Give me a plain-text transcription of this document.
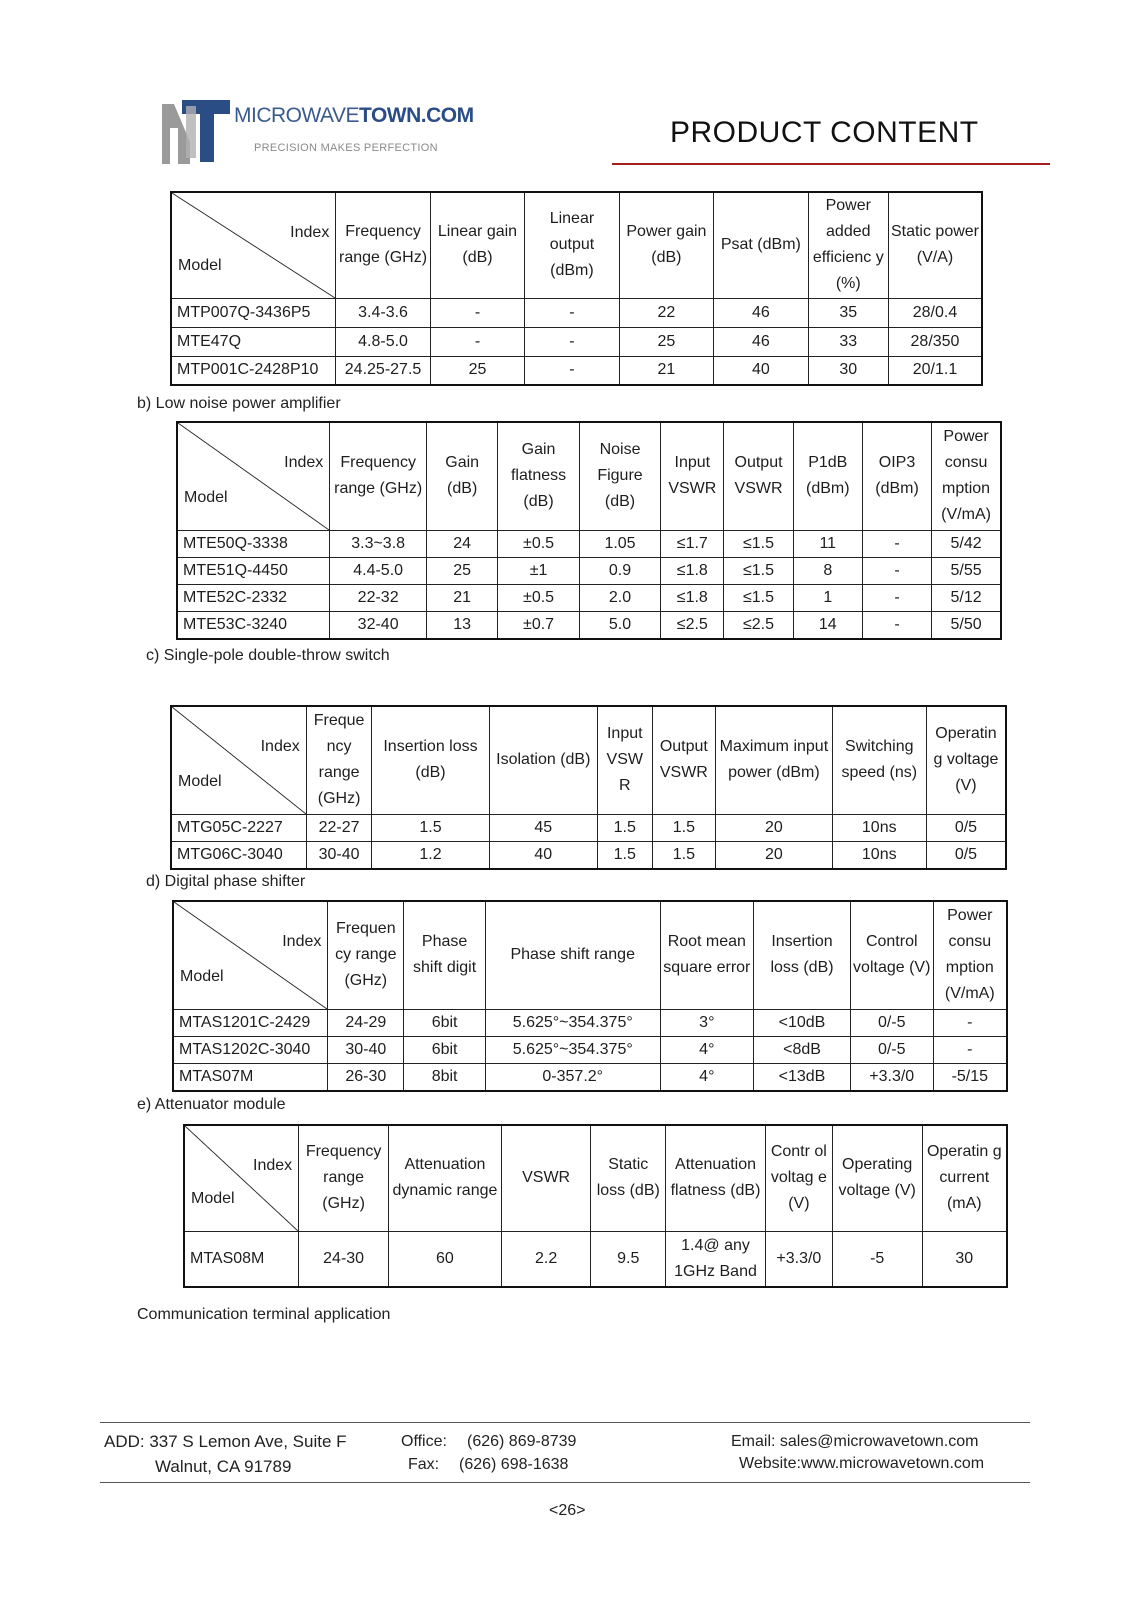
MICROWAVETOWN.COM
PRECISION MAKES PERFECTION	PRODUCT CONTENT
Index
Model	Frequency range (GHz)	Linear gain (dB)	Linear output (dBm)	Power gain (dB)	Psat (dBm)	Power added efficienc y (%)	Static power (V/A)
MTP007Q-3436P5	3.4-3.6	-	-	22	46	35	28/0.4
MTE47Q	4.8-5.0	-	-	25	46	33	28/350
MTP001C-2428P10	24.25-27.5	25	-	21	40	30	20/1.1
b) Low noise power amplifier
Index
Model	Frequency range (GHz)	Gain (dB)	Gain flatness (dB)	Noise Figure (dB)	Input VSWR	Output VSWR	P1dB (dBm)	OIP3 (dBm)	Power consu mption (V/mA)
MTE50Q-3338	3.3~3.8	24	±0.5	1.05	≤1.7	≤1.5	11	-	5/42
MTE51Q-4450	4.4-5.0	25	±1	0.9	≤1.8	≤1.5	8	-	5/55
MTE52C-2332	22-32	21	±0.5	2.0	≤1.8	≤1.5	1	-	5/12
MTE53C-3240	32-40	13	±0.7	5.0	≤2.5	≤2.5	14	-	5/50
c) Single-pole double-throw switch
Index
Model	Freque ncy range (GHz)	Insertion loss (dB)	Isolation (dB)	Input VSW R	Output VSWR	Maximum input power (dBm)	Switching speed (ns)	Operatin g voltage (V)
MTG05C-2227	22-27	1.5	45	1.5	1.5	20	10ns	0/5
MTG06C-3040	30-40	1.2	40	1.5	1.5	20	10ns	0/5
d) Digital phase shifter
Index
Model	Frequen cy range (GHz)	Phase shift digit	Phase shift range	Root mean square error	Insertion loss (dB)	Control voltage (V)	Power consu mption (V/mA)
MTAS1201C-2429	24-29	6bit	5.625°~354.375°	3°	<10dB	0/-5	-
MTAS1202C-3040	30-40	6bit	5.625°~354.375°	4°	<8dB	0/-5	-
MTAS07M	26-30	8bit	0-357.2°	4°	<13dB	+3.3/0	-5/15
e) Attenuator module
Index
Model	Frequency range (GHz)	Attenuation dynamic range	VSWR	Static loss (dB)	Attenuation flatness (dB)	Contr ol voltag e (V)	Operating voltage (V)	Operatin g current (mA)
MTAS08M	24-30	60	2.2	9.5	1.4@ any 1GHz Band	+3.3/0	-5	30
Communication terminal application
ADD: 337 S Lemon Ave, Suite F
Walnut, CA 91789
Office: (626) 869-8739
Fax: (626) 698-1638
Email: sales@microwavetown.com
Website:www.microwavetown.com
<26>
